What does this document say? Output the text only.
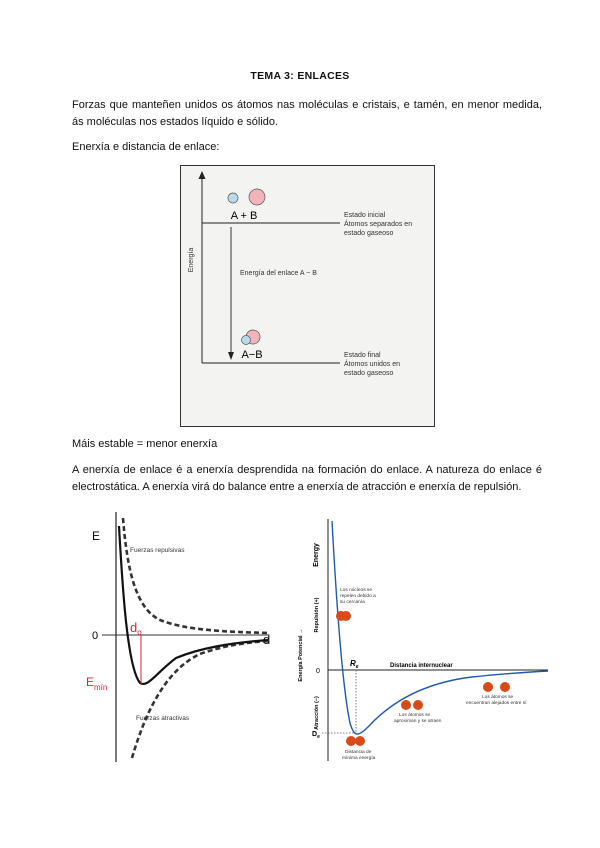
TEMA 3: ENLACES
Forzas que manteñen unidos os átomos nas moléculas e cristais, e tamén, en menor medida, ás moléculas nos estados líquido e sólido.
Enerxía e distancia de enlace:
Energía
A + B
Energía del enlace A − B
A−B
Estado inicial Átomos separados en estado gaseoso
Estado final Átomos unidos en estado gaseoso
Máis estable = menor enerxía
A enerxía de enlace é a enerxía desprendida na formación do enlace. A natureza do enlace é electrostática. A enerxía virá do balance entre a enerxía de atracción e enerxía de repulsión.
E
0	d
$d_o$
$E_{mín}$
Fuerzas repulsivas
Fuerzas atractivas
Energy
Energía Potencial →
Repulsión (+)
Atracción (−)
0
$R_e$	Distancia internuclear
$D_e$
Los núcleos se repelen debido a su cercanía
Distancia de mínima energía
Los átomos se aproximan y se atraen
Los átomos se encuentran alejados entre sí
